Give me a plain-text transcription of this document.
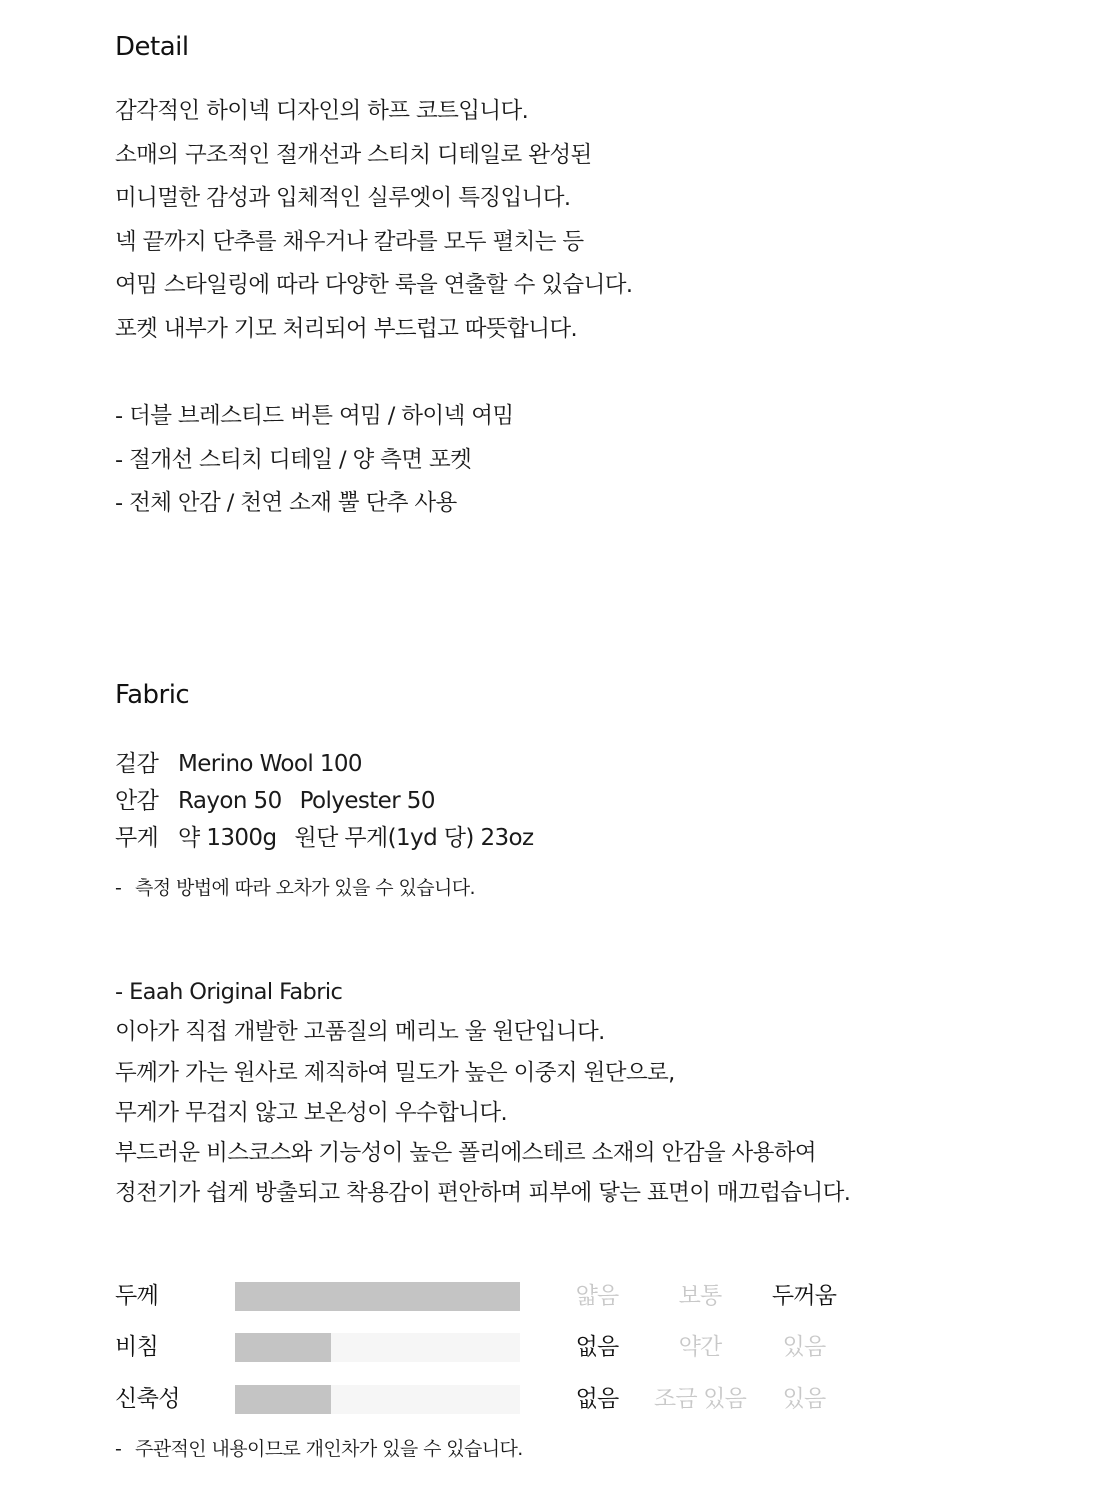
Detail
감각적인 하이넥 디자인의 하프 코트입니다.
소매의 구조적인 절개선과 스티치 디테일로 완성된
미니멀한 감성과 입체적인 실루엣이 특징입니다.
넥 끝까지 단추를 채우거나 칼라를 모두 펼치는 등
여밈 스타일링에 따라 다양한 룩을 연출할 수 있습니다.
포켓 내부가 기모 처리되어 부드럽고 따뜻합니다.
- 더블 브레스티드 버튼 여밈 / 하이넥 여밈
- 절개선 스티치 디테일 / 양 측면 포켓
- 전체 안감 / 천연 소재 뿔 단추 사용
Fabric
겉감 Merino Wool 100
안감 Rayon 50 Polyester 50
무게 약 1300g 원단 무게(1yd 당) 23oz
- 측정 방법에 따라 오차가 있을 수 있습니다.
- Eaah Original Fabric
이아가 직접 개발한 고품질의 메리노 울 원단입니다.
두께가 가는 원사로 제직하여 밀도가 높은 이중지 원단으로,
무게가 무겁지 않고 보온성이 우수합니다.
부드러운 비스코스와 기능성이 높은 폴리에스테르 소재의 안감을 사용하여
정전기가 쉽게 방출되고 착용감이 편안하며 피부에 닿는 표면이 매끄럽습니다.
두께	얇음	보통	두꺼움
비침	없음	약간	있음
신축성	없음	조금 있음	있음
- 주관적인 내용이므로 개인차가 있을 수 있습니다.
